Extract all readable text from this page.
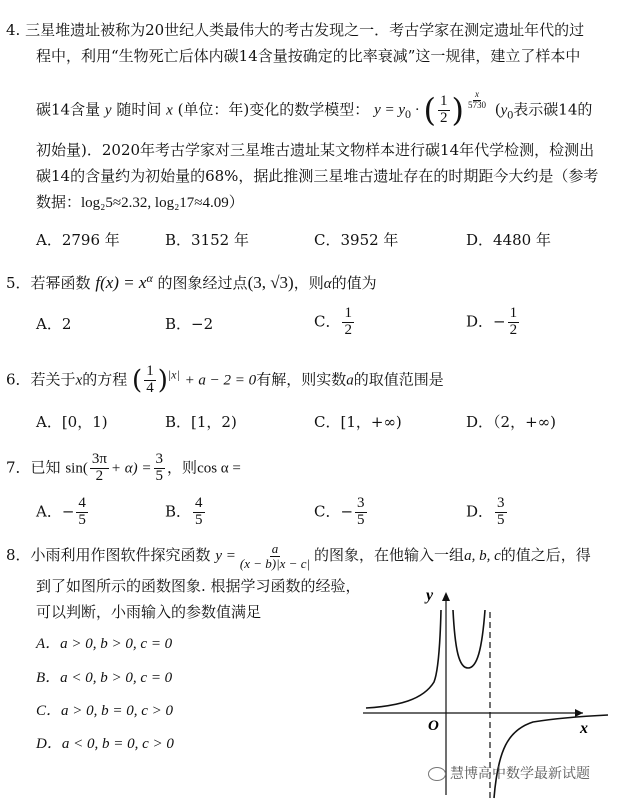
4. 三星堆遗址被称为20世纪人类最伟大的考古发现之一．考古学家在测定遗址年代的过
程中，利用“生物死亡后体内碳14含量按确定的比率衰减”这一规律，建立了样本中
碳14含量 y 随时间 x (单位：年)变化的数学模型： $y = y_0$ · ( $\frac{1}{2}$ ) $\frac{x}{5730} (y_0$表示碳14的
初始量)．2020年考古学家对三星堆古遗址某文物样本进行碳14年代学检测，检测出
碳14的含量约为初始量的68%，据此推测三星堆古遗址存在的时期距今大约是（参考
数据：log₂5≈2.32, log₂17≈4.09）
A．2796 年	B．3152 年	C．3952 年	D．4480 年
5．若幂函数 $f(x) = x^\alpha$ 的图象经过点(3, √3)，则α的值为
A．2	B．−2	C． $\frac{1}{2}$	D．− $\frac{1}{2}$
6．若关于x的方程 ( $\frac{1}{4} )^{|x|} + a - 2 = 0$有解，则实数a的取值范围是
A．[0，1)	B．[1，2)	C．[1，+∞)	D．（2，+∞)
7．已知 $\sin( \frac{3\pi}{2} + \alpha) = \frac{3}{5}$ ，则cos α =
A．− $\frac{4}{5}$	B． $\frac{4}{5}$	C．− $\frac{3}{5}$	D． $\frac{3}{5}$
8．小雨利用作图软件探究函数 $y = \frac{a}{(x - b)|x - c|}$ 的图象，在他输入一组a, b, c的值之后，得
到了如图所示的函数图象. 根据学习函数的经验，
可以判断，小雨输入的参数值满足
A．a > 0, b > 0, c = 0
B．a < 0, b > 0, c = 0
C．a > 0, b = 0, c > 0
D．a < 0, b = 0, c > 0
y
x
O
慧博高中数学最新试题
